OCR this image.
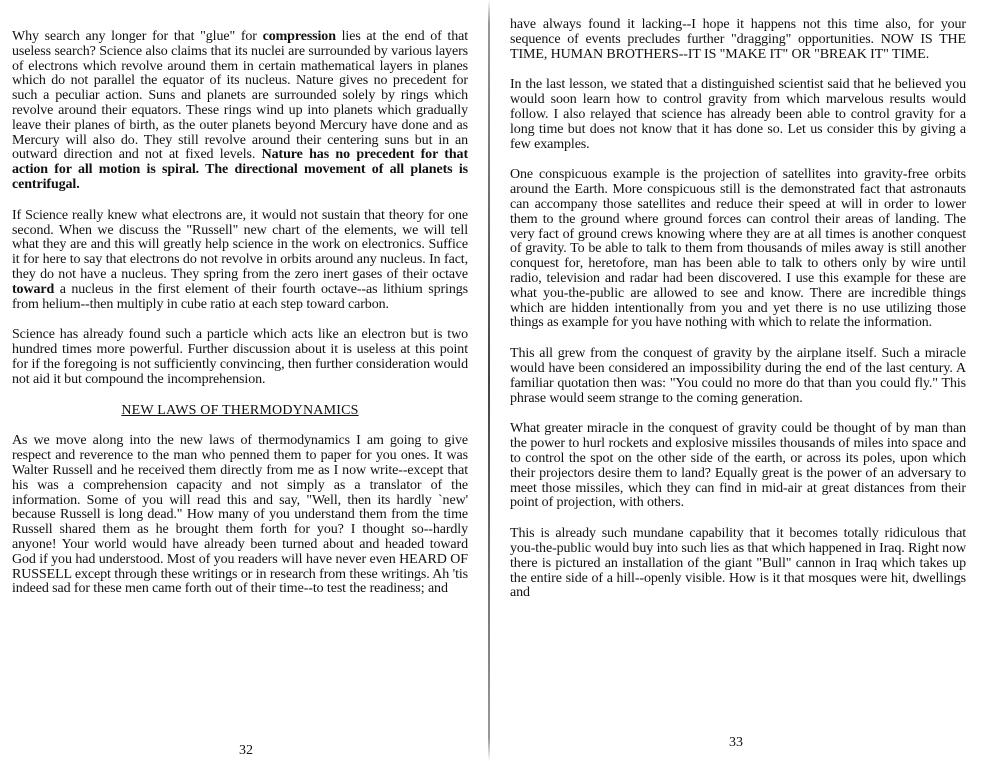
Why search any longer for that "glue" for compression lies at the end of that useless search? Science also claims that its nuclei are surrounded by various layers of electrons which revolve around them in certain mathematical layers in planes which do not parallel the equator of its nucleus. Nature gives no precedent for such a peculiar action. Suns and planets are surrounded solely by rings which revolve around their equators. These rings wind up into planets which gradually leave their planes of birth, as the outer planets beyond Mercury have done and as Mercury will also do. They still revolve around their centering suns but in an outward direction and not at fixed levels. Nature has no precedent for that action for all motion is spiral. The directional movement of all planets is centrifugal.

If Science really knew what electrons are, it would not sustain that theory for one second. When we discuss the "Russell" new chart of the elements, we will tell what they are and this will greatly help science in the work on electronics. Suffice it for here to say that electrons do not revolve in orbits around any nucleus. In fact, they do not have a nucleus. They spring from the zero inert gases of their octave toward a nucleus in the first element of their fourth octave--as lithium springs from helium--then multiply in cube ratio at each step toward carbon.

Science has already found such a particle which acts like an electron but is two hundred times more powerful. Further discussion about it is useless at this point for if the foregoing is not sufficiently convincing, then further consideration would not aid it but compound the incomprehension.

NEW LAWS OF THERMODYNAMICS

As we move along into the new laws of thermodynamics I am going to give respect and reverence to the man who penned them to paper for you ones. It was Walter Russell and he received them directly from me as I now write--except that his was a comprehension capacity and not simply as a translator of the information. Some of you will read this and say, "Well, then its hardly `new' because Russell is long dead." How many of you understand them from the time Russell shared them as he brought them forth for you? I thought so--hardly anyone! Your world would have already been turned about and headed toward God if you had understood. Most of you readers will have never even HEARD OF RUSSELL except through these writings or in research from these writings. Ah 'tis indeed sad for these men came forth out of their time--to test the readiness; and

32

have always found it lacking--I hope it happens not this time also, for your sequence of events precludes further "dragging" opportunities. NOW IS THE TIME, HUMAN BROTHERS--IT IS "MAKE IT" OR "BREAK IT" TIME.

In the last lesson, we stated that a distinguished scientist said that he believed you would soon learn how to control gravity from which marvelous results would follow. I also relayed that science has already been able to control gravity for a long time but does not know that it has done so. Let us consider this by giving a few examples.

One conspicuous example is the projection of satellites into gravity-free orbits around the Earth. More conspicuous still is the demonstrated fact that astronauts can accompany those satellites and reduce their speed at will in order to lower them to the ground where ground forces can control their areas of landing. The very fact of ground crews knowing where they are at all times is another conquest of gravity. To be able to talk to them from thousands of miles away is still another conquest for, heretofore, man has been able to talk to others only by wire until radio, television and radar had been discovered. I use this example for these are what you-the-public are allowed to see and know. There are incredible things which are hidden intentionally from you and yet there is no use utilizing those things as example for you have nothing with which to relate the information.

This all grew from the conquest of gravity by the airplane itself. Such a miracle would have been considered an impossibility during the end of the last century. A familiar quotation then was: "You could no more do that than you could fly." This phrase would seem strange to the coming generation.

What greater miracle in the conquest of gravity could be thought of by man than the power to hurl rockets and explosive missiles thousands of miles into space and to control the spot on the other side of the earth, or across its poles, upon which their projectors desire them to land? Equally great is the power of an adversary to meet those missiles, which they can find in mid-air at great distances from their point of projection, with others.

This is already such mundane capability that it becomes totally ridiculous that you-the-public would buy into such lies as that which happened in Iraq. Right now there is pictured an installation of the giant "Bull" cannon in Iraq which takes up the entire side of a hill--openly visible. How is it that mosques were hit, dwellings and

33
